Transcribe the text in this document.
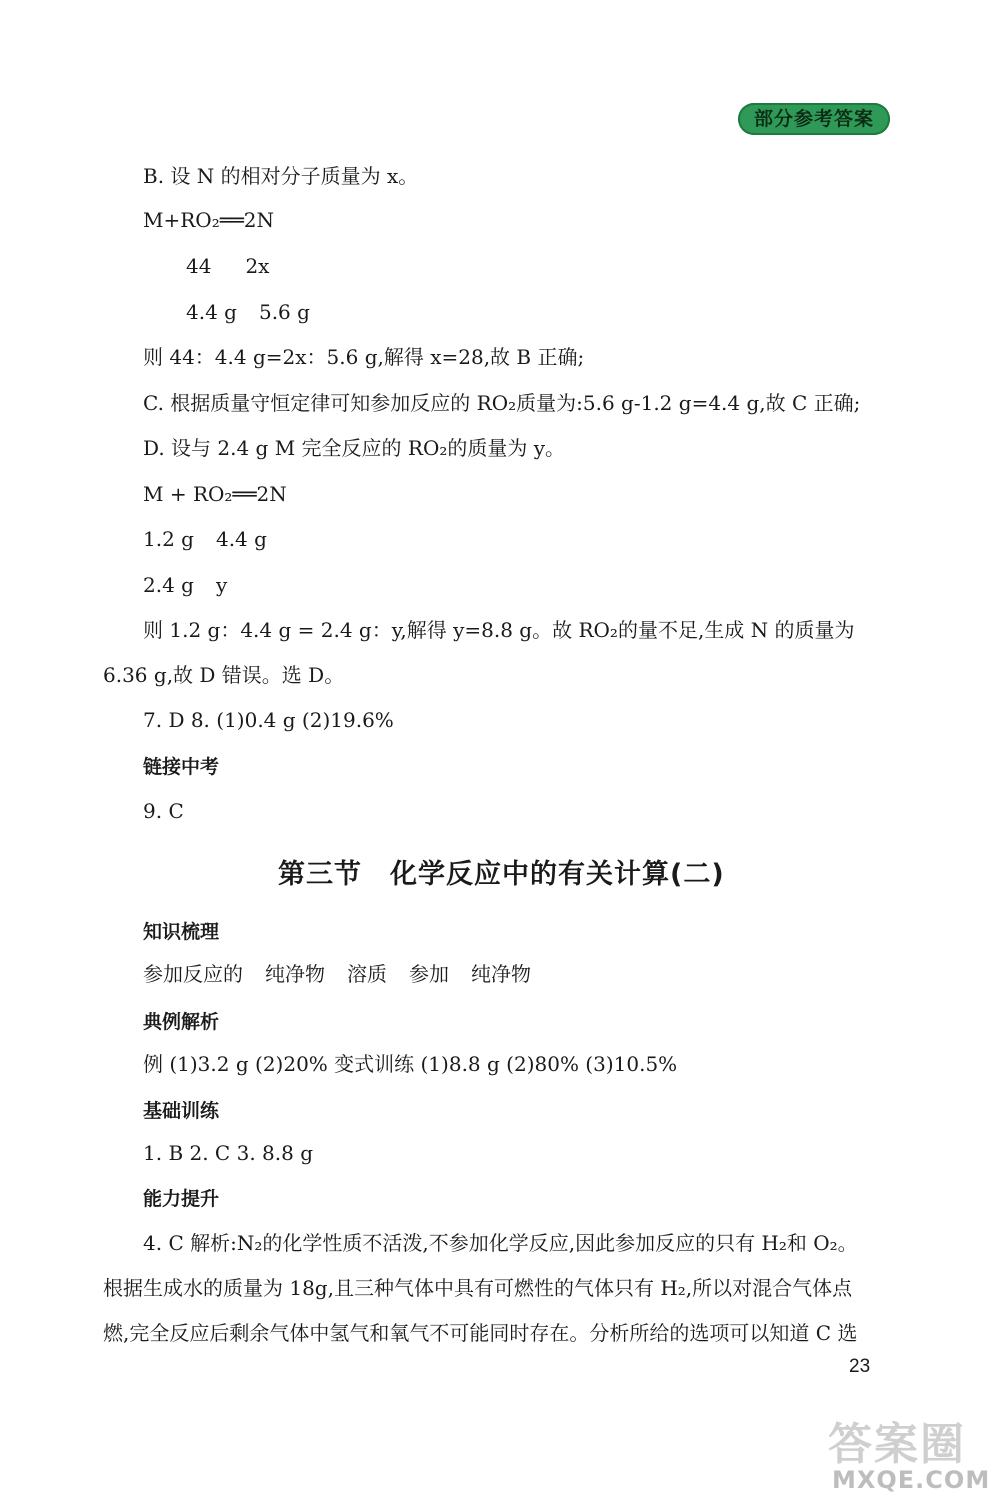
部分参考答案
B. 设 N 的相对分子质量为 x。
M+RO₂══2N
44 2x
4.4 g 5.6 g
则 44：4.4 g=2x：5.6 g,解得 x=28,故 B 正确;
C. 根据质量守恒定律可知参加反应的 RO₂质量为:5.6 g-1.2 g=4.4 g,故 C 正确;
D. 设与 2.4 g M 完全反应的 RO₂的质量为 y。
M + RO₂══2N
1.2 g 4.4 g
2.4 g y
则 1.2 g：4.4 g = 2.4 g：y,解得 y=8.8 g。故 RO₂的量不足,生成 N 的质量为
6.36 g,故 D 错误。选 D。
7. D 8. (1)0.4 g (2)19.6%
链接中考
9. C
第三节　化学反应中的有关计算(二)
知识梳理
参加反应的 纯净物 溶质 参加 纯净物
典例解析
例 (1)3.2 g (2)20% 变式训练 (1)8.8 g (2)80% (3)10.5%
基础训练
1. B 2. C 3. 8.8 g
能力提升
4. C 解析:N₂的化学性质不活泼,不参加化学反应,因此参加反应的只有 H₂和 O₂。
根据生成水的质量为 18g,且三种气体中具有可燃性的气体只有 H₂,所以对混合气体点
燃,完全反应后剩余气体中氢气和氧气不可能同时存在。分析所给的选项可以知道 C 选
23
答案圈
MXQE.COM
